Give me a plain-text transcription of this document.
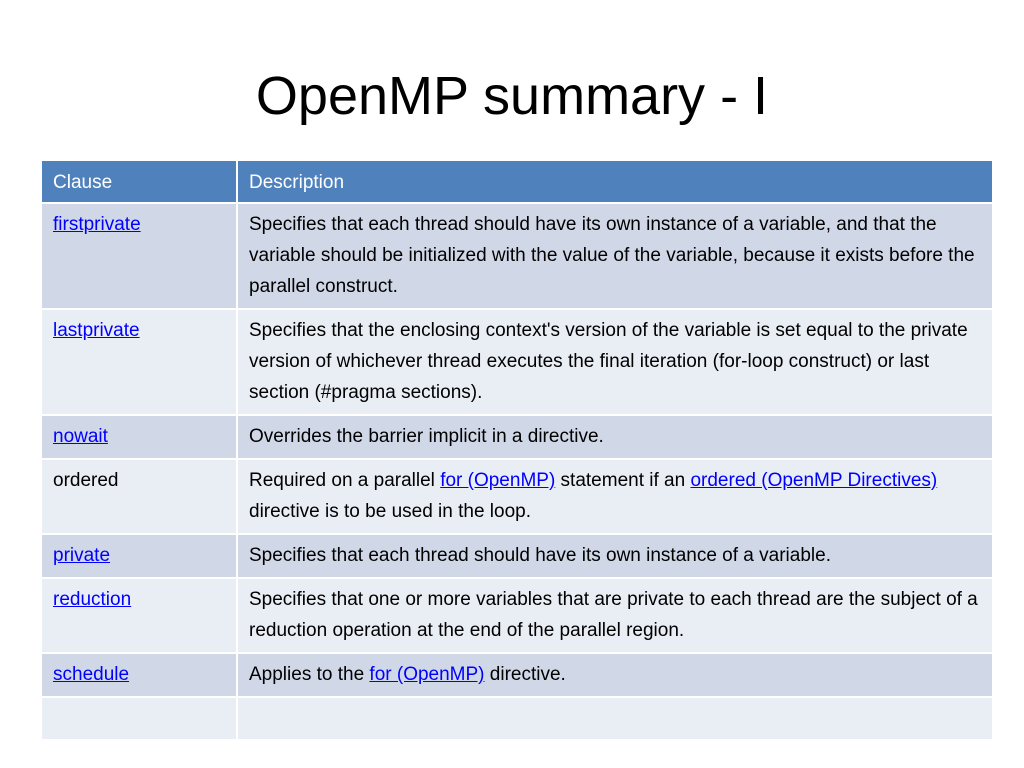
OpenMP summary - I
Clause	Description
firstprivate	Specifies that each thread should have its own instance of a variable, and that the variable should be initialized with the value of the variable, because it exists before the parallel construct.
lastprivate	Specifies that the enclosing context's version of the variable is set equal to the private version of whichever thread executes the final iteration (for-loop construct) or last section (#pragma sections).
nowait	Overrides the barrier implicit in a directive.
ordered	Required on a parallel for (OpenMP) statement if an ordered (OpenMP Directives) directive is to be used in the loop.
private	Specifies that each thread should have its own instance of a variable.
reduction	Specifies that one or more variables that are private to each thread are the subject of a reduction operation at the end of the parallel region.
schedule	Applies to the for (OpenMP) directive.
